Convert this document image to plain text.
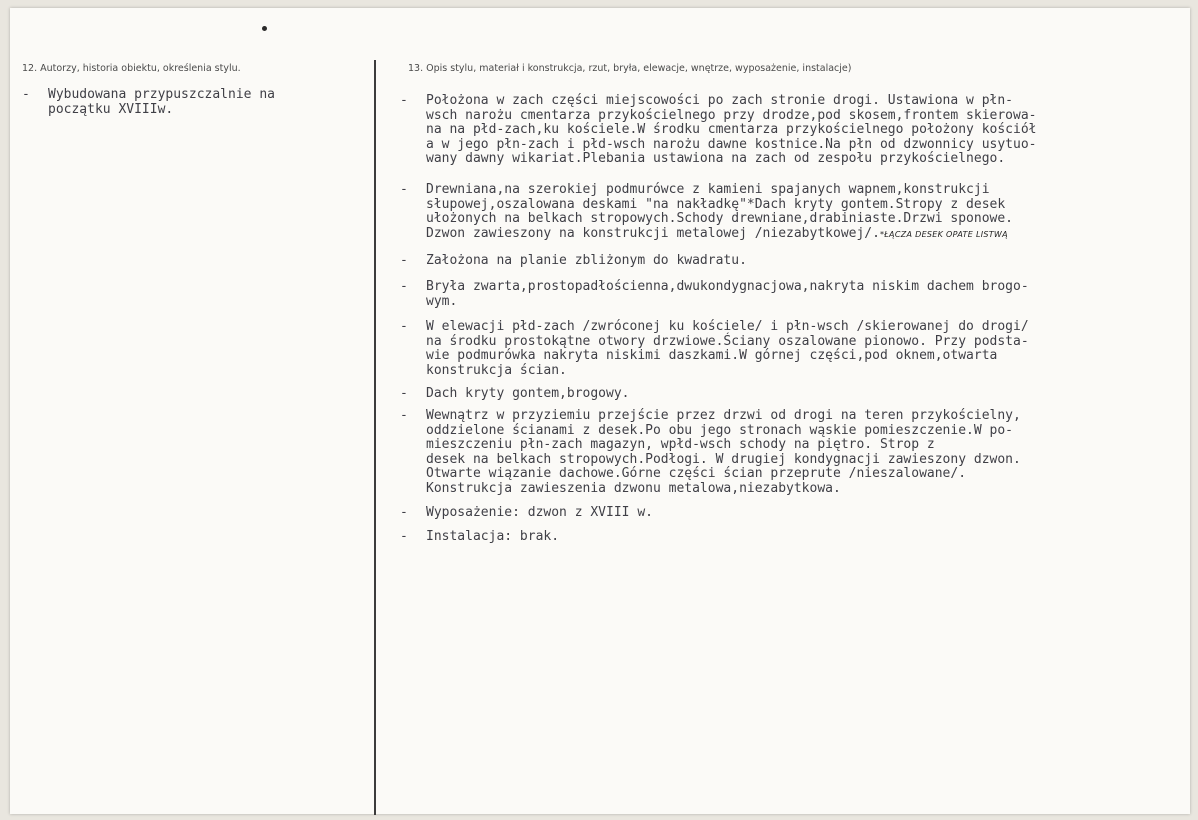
12. Autorzy, historia obiektu, określenia stylu.	13. Opis stylu, materiał i konstrukcja, rzut, bryła, elewacje, wnętrze, wyposażenie, instalacje)
- Wybudowana przypuszczalnie na
początku XVIIIw.
- Położona w zach części miejscowości po zach stronie drogi. Ustawiona w płn-
wsch narożu cmentarza przykościelnego przy drodze,pod skosem,frontem skierowa-
na na płd-zach,ku kościele.W środku cmentarza przykościelnego położony kościół
a w jego płn-zach i płd-wsch narożu dawne kostnice.Na płn od dzwonnicy usytuo-
wany dawny wikariat.Plebania ustawiona na zach od zespołu przykościelnego.
- Drewniana,na szerokiej podmurówce z kamieni spajanych wapnem,konstrukcji
słupowej,oszalowana deskami "na nakładkę"*Dach kryty gontem.Stropy z desek
ułożonych na belkach stropowych.Schody drewniane,drabiniaste.Drzwi sponowe.
Dzwon zawieszony na konstrukcji metalowej /niezabytkowej/.*ŁĄCZA DESEK OPATE LISTWĄ
- Założona na planie zbliżonym do kwadratu.
- Bryła zwarta,prostopadłościenna,dwukondygnacjowa,nakryta niskim dachem brogo-
wym.
- W elewacji płd-zach /zwróconej ku kościele/ i płn-wsch /skierowanej do drogi/
na środku prostokątne otwory drzwiowe.Ściany oszalowane pionowo. Przy podsta-
wie podmurówka nakryta niskimi daszkami.W górnej części,pod oknem,otwarta
konstrukcja ścian.
- Dach kryty gontem,brogowy.
- Wewnątrz w przyziemiu przejście przez drzwi od drogi na teren przykościelny,
oddzielone ścianami z desek.Po obu jego stronach wąskie pomieszczenie.W po-
mieszczeniu płn-zach magazyn, wpłd-wsch schody na piętro. Strop z
desek na belkach stropowych.Podłogi. W drugiej kondygnacji zawieszony dzwon.
Otwarte wiązanie dachowe.Górne części ścian przeprute /nieszalowane/.
Konstrukcja zawieszenia dzwonu metalowa,niezabytkowa.
- Wyposażenie: dzwon z XVIII w.
- Instalacja: brak.
